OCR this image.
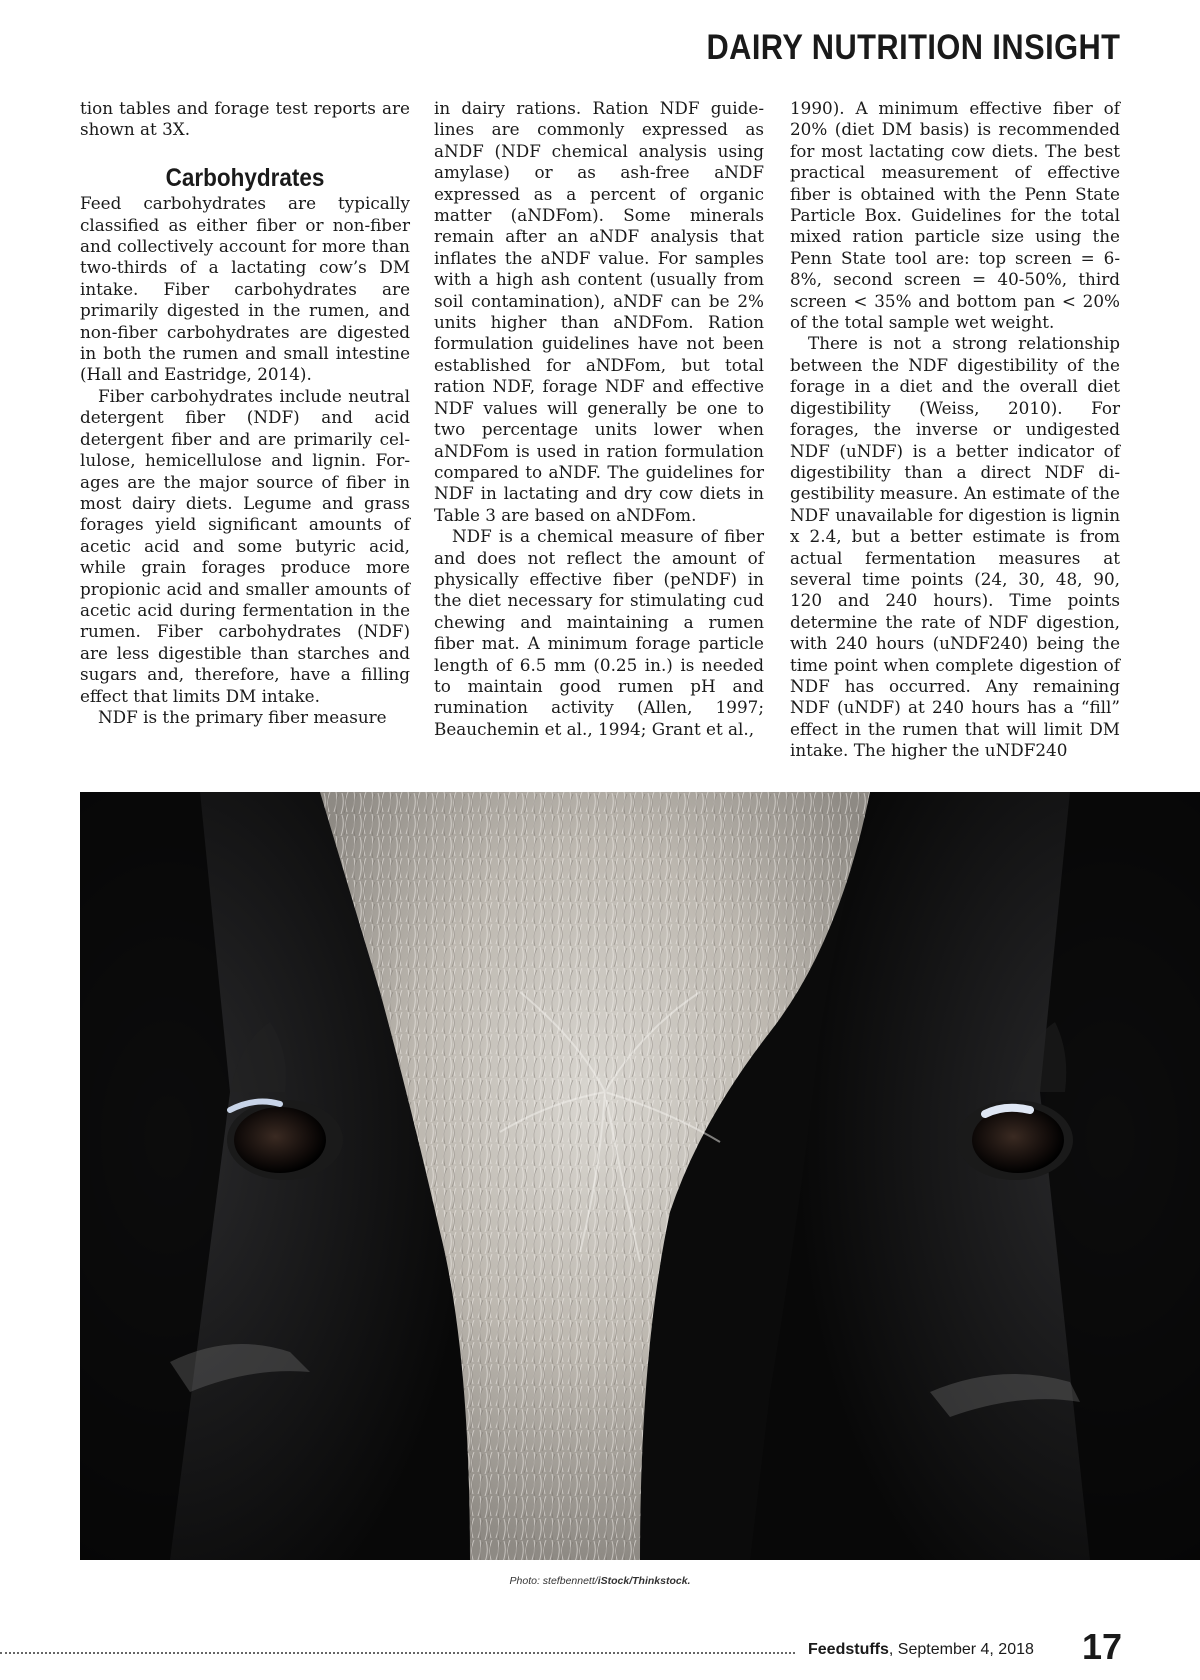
DAIRY NUTRITION INSIGHT

tion tables and forage test reports are shown at 3X.

Carbohydrates

Feed carbohydrates are typically classified as either fiber or non-fiber and collectively account for more than two-thirds of a lactating cow’s DM intake. Fiber carbohydrates are primarily digested in the rumen, and non-fiber carbohydrates are digested in both the rumen and small intestine (Hall and Eastridge, 2014).

Fiber carbohydrates include neutral detergent fiber (NDF) and acid detergent fiber and are primarily cellulose, hemicellulose and lignin. Forages are the major source of fiber in most dairy diets. Legume and grass forages yield significant amounts of acetic acid and some butyric acid, while grain forages produce more propionic acid and smaller amounts of acetic acid during fermentation in the rumen. Fiber carbohydrates (NDF) are less digestible than starches and sugars and, therefore, have a filling effect that limits DM intake.

NDF is the primary fiber measure

in dairy rations. Ration NDF guidelines are commonly expressed as aNDF (NDF chemical analysis using amylase) or as ash-free aNDF expressed as a percent of organic matter (aNDFom). Some minerals remain after an aNDF analysis that inflates the aNDF value. For samples with a high ash content (usually from soil contamination), aNDF can be 2% units higher than aNDFom. Ration formulation guidelines have not been established for aNDFom, but total ration NDF, forage NDF and effective NDF values will generally be one to two percentage units lower when aNDFom is used in ration formulation compared to aNDF. The guidelines for NDF in lactating and dry cow diets in Table 3 are based on aNDFom.

NDF is a chemical measure of fiber and does not reflect the amount of physically effective fiber (peNDF) in the diet necessary for stimulating cud chewing and maintaining a rumen fiber mat. A minimum forage particle length of 6.5 mm (0.25 in.) is needed to maintain good rumen pH and rumination activity (Allen, 1997; Beauchemin et al., 1994; Grant et al.,

1990). A minimum effective fiber of 20% (diet DM basis) is recommended for most lactating cow diets. The best practical measurement of effective fiber is obtained with the Penn State Particle Box. Guidelines for the total mixed ration particle size using the Penn State tool are: top screen = 6-8%, second screen = 40-50%, third screen < 35% and bottom pan < 20% of the total sample wet weight.

There is not a strong relationship between the NDF digestibility of the forage in a diet and the overall diet digestibility (Weiss, 2010). For forages, the inverse or undigested NDF (uNDF) is a better indicator of digestibility than a direct NDF digestibility measure. An estimate of the NDF unavailable for digestion is lignin x 2.4, but a better estimate is from actual fermentation measures at several time points (24, 30, 48, 90, 120 and 240 hours). Time points determine the rate of NDF digestion, with 240 hours (uNDF240) being the time point when complete digestion of NDF has occurred. Any remaining NDF (uNDF) at 240 hours has a “fill” effect in the rumen that will limit DM intake. The higher the uNDF240

Photo: stefbennett/iStock/Thinkstock.
Feedstuffs, September 4, 2018 17
